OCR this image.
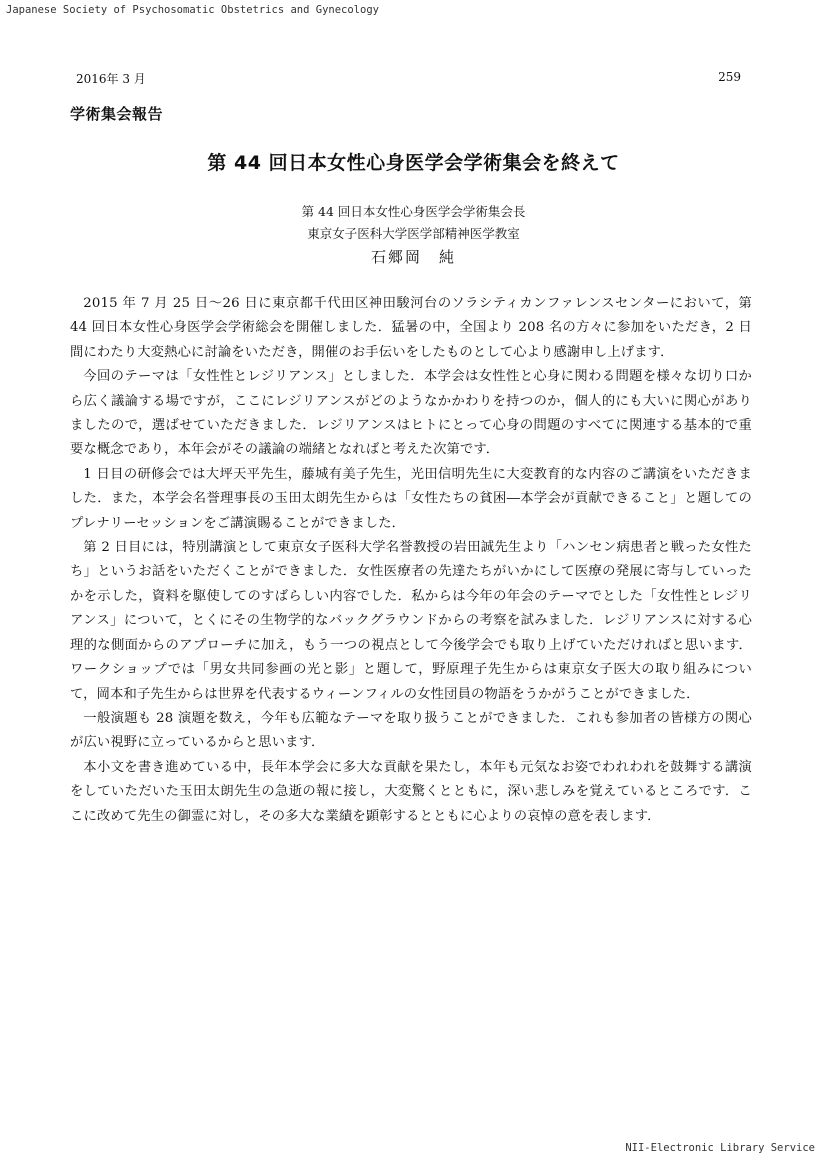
Japanese Society of Psychosomatic Obstetrics and Gynecology
2016年 3 月	259
学術集会報告
第 44 回日本女性心身医学会学術集会を終えて
第 44 回日本女性心身医学会学術集会長
東京女子医科大学医学部精神医学教室
石郷岡　純

2015 年 7 月 25 日～26 日に東京都千代田区神田駿河台のソラシティカンファレンスセンターにおいて，第 44 回日本女性心身医学会学術総会を開催しました．猛暑の中，全国より 208 名の方々に参加をいただき，2 日間にわたり大変熱心に討論をいただき，開催のお手伝いをしたものとして心より感謝申し上げます．

今回のテーマは「女性性とレジリアンス」としました．本学会は女性性と心身に関わる問題を様々な切り口から広く議論する場ですが，ここにレジリアンスがどのようなかかわりを持つのか，個人的にも大いに関心がありましたので，選ばせていただきました．レジリアンスはヒトにとって心身の問題のすべてに関連する基本的で重要な概念であり，本年会がその議論の端緒となればと考えた次第です．

1 日目の研修会では大坪天平先生，藤城有美子先生，光田信明先生に大変教育的な内容のご講演をいただきました．また，本学会名誉理事長の玉田太朗先生からは「女性たちの貧困―本学会が貢献できること」と題してのプレナリーセッションをご講演賜ることができました．

第 2 日目には，特別講演として東京女子医科大学名誉教授の岩田誠先生より「ハンセン病患者と戦った女性たち」というお話をいただくことができました．女性医療者の先達たちがいかにして医療の発展に寄与していったかを示した，資料を駆使してのすばらしい内容でした．私からは今年の年会のテーマでとした「女性性とレジリアンス」について，とくにその生物学的なバックグラウンドからの考察を試みました．レジリアンスに対する心理的な側面からのアプローチに加え，もう一つの視点として今後学会でも取り上げていただければと思います．ワークショップでは「男女共同参画の光と影」と題して，野原理子先生からは東京女子医大の取り組みについて，岡本和子先生からは世界を代表するウィーンフィルの女性団員の物語をうかがうことができました．

一般演題も 28 演題を数え，今年も広範なテーマを取り扱うことができました．これも参加者の皆様方の関心が広い視野に立っているからと思います．

本小文を書き進めている中，長年本学会に多大な貢献を果たし，本年も元気なお姿でわれわれを鼓舞する講演をしていただいた玉田太朗先生の急逝の報に接し，大変驚くとともに，深い悲しみを覚えているところです．ここに改めて先生の御霊に対し，その多大な業績を顕彰するとともに心よりの哀悼の意を表します．

NII-Electronic Library Service
